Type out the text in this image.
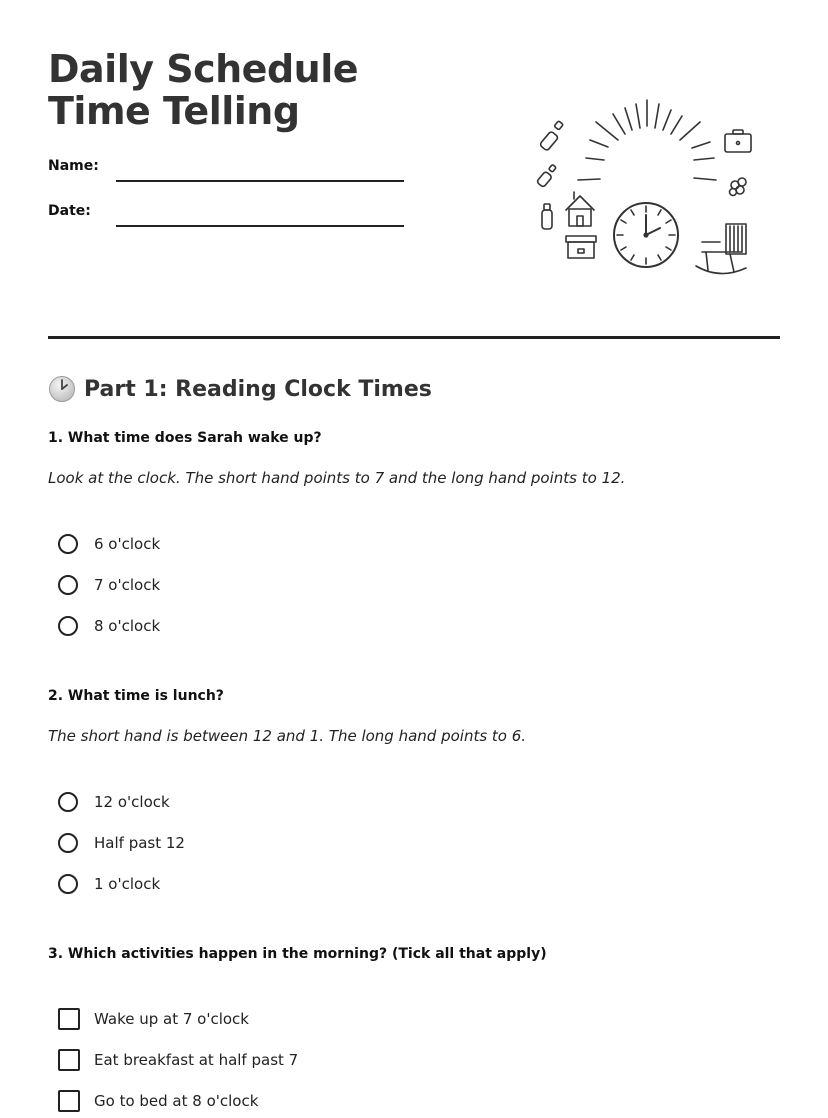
Daily Schedule Time Telling
Name:
Date:
Part 1: Reading Clock Times
1. What time does Sarah wake up?
Look at the clock. The short hand points to 7 and the long hand points to 12.
6 o'clock
7 o'clock
8 o'clock
2. What time is lunch?
The short hand is between 12 and 1. The long hand points to 6.
12 o'clock
Half past 12
1 o'clock
3. Which activities happen in the morning? (Tick all that apply)
Wake up at 7 o'clock
Eat breakfast at half past 7
Go to bed at 8 o'clock
